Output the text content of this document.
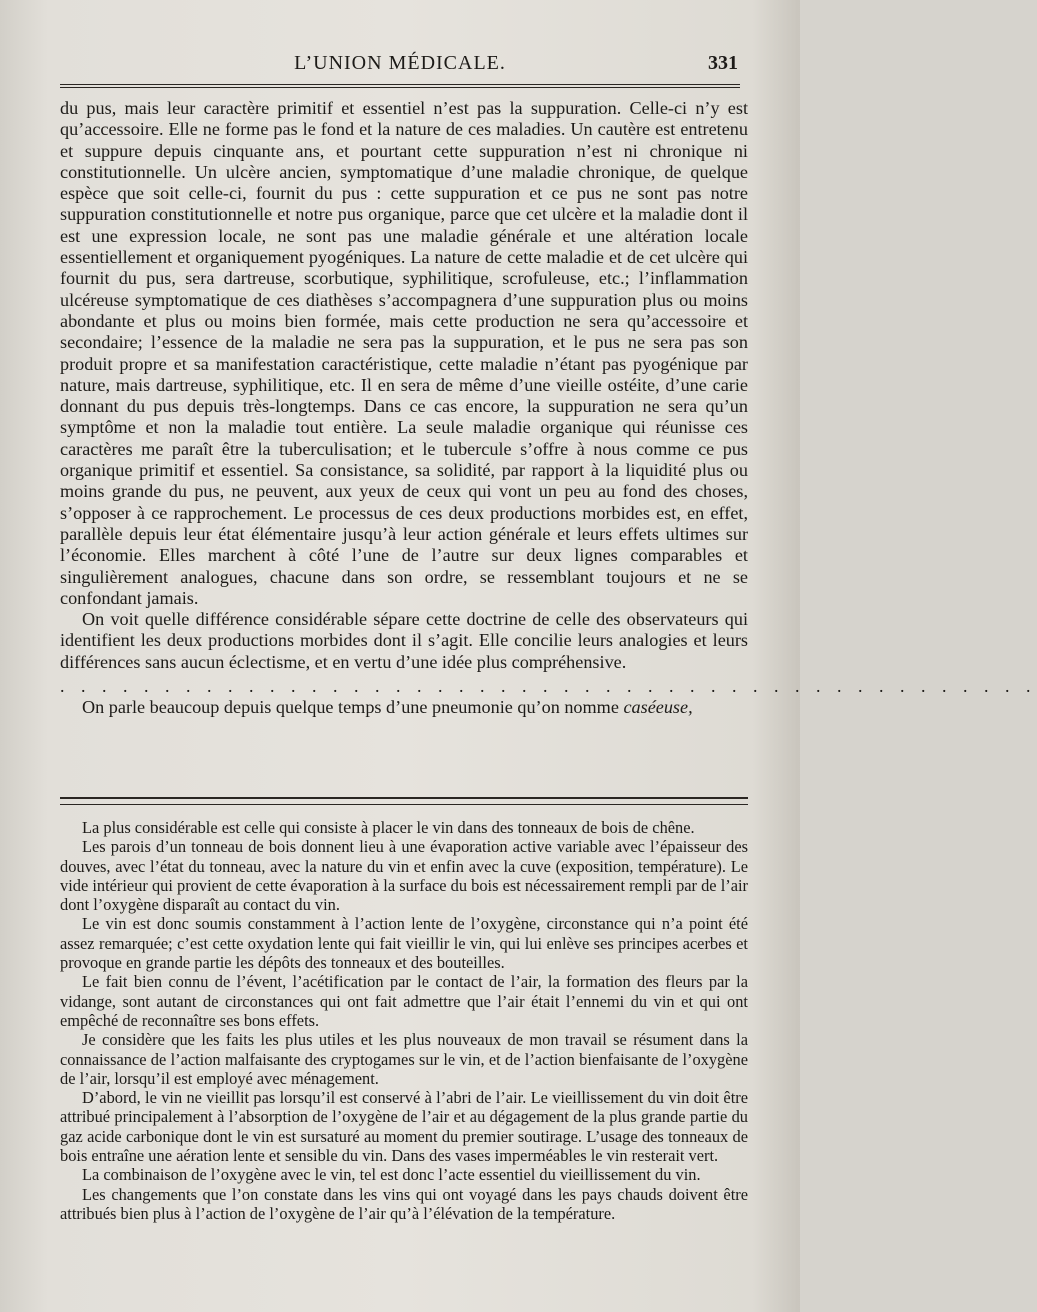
L’UNION MÉDICALE.	331

du pus, mais leur caractère primitif et essentiel n’est pas la suppuration. Celle-ci n’y est qu’accessoire. Elle ne forme pas le fond et la nature de ces maladies. Un cautère est entretenu et suppure depuis cinquante ans, et pourtant cette suppuration n’est ni chronique ni constitutionnelle. Un ulcère ancien, symptomatique d’une maladie chronique, de quelque espèce que soit celle-ci, fournit du pus : cette suppuration et ce pus ne sont pas notre suppuration constitutionnelle et notre pus organique, parce que cet ulcère et la maladie dont il est une expression locale, ne sont pas une maladie générale et une altération locale essentiellement et organiquement pyogéniques. La nature de cette maladie et de cet ulcère qui fournit du pus, sera dartreuse, scorbutique, syphilitique, scrofuleuse, etc.; l’inflammation ulcéreuse symptomatique de ces diathèses s’accompagnera d’une suppuration plus ou moins abondante et plus ou moins bien formée, mais cette production ne sera qu’accessoire et secondaire; l’essence de la maladie ne sera pas la suppuration, et le pus ne sera pas son produit propre et sa manifestation caractéristique, cette maladie n’étant pas pyogénique par nature, mais dartreuse, syphilitique, etc. Il en sera de même d’une vieille ostéite, d’une carie donnant du pus depuis très-longtemps. Dans ce cas encore, la suppuration ne sera qu’un symptôme et non la maladie tout entière. La seule maladie organique qui réunisse ces caractères me paraît être la tuberculisation; et le tubercule s’offre à nous comme ce pus organique primitif et essentiel. Sa consistance, sa solidité, par rapport à la liquidité plus ou moins grande du pus, ne peuvent, aux yeux de ceux qui vont un peu au fond des choses, s’opposer à ce rapprochement. Le processus de ces deux productions morbides est, en effet, parallèle depuis leur état élémentaire jusqu’à leur action générale et leurs effets ultimes sur l’économie. Elles marchent à côté l’une de l’autre sur deux lignes comparables et singulièrement analogues, chacune dans son ordre, se ressemblant toujours et ne se confondant jamais.

On voit quelle différence considérable sépare cette doctrine de celle des observateurs qui identifient les deux productions morbides dont il s’agit. Elle concilie leurs analogies et leurs différences sans aucun éclectisme, et en vertu d’une idée plus compréhensive.

. . . . . . . . . . . . . . . . . . . . . . . . . . . . . . . . . . . . . . . . . . . . . . .

On parle beaucoup depuis quelque temps d’une pneumonie qu’on nomme caséeuse,

La plus considérable est celle qui consiste à placer le vin dans des tonneaux de bois de chêne.

Les parois d’un tonneau de bois donnent lieu à une évaporation active variable avec l’épaisseur des douves, avec l’état du tonneau, avec la nature du vin et enfin avec la cuve (exposition, température). Le vide intérieur qui provient de cette évaporation à la surface du bois est nécessairement rempli par de l’air dont l’oxygène disparaît au contact du vin.

Le vin est donc soumis constamment à l’action lente de l’oxygène, circonstance qui n’a point été assez remarquée; c’est cette oxydation lente qui fait vieillir le vin, qui lui enlève ses principes acerbes et provoque en grande partie les dépôts des tonneaux et des bouteilles.

Le fait bien connu de l’évent, l’acétification par le contact de l’air, la formation des fleurs par la vidange, sont autant de circonstances qui ont fait admettre que l’air était l’ennemi du vin et qui ont empêché de reconnaître ses bons effets.

Je considère que les faits les plus utiles et les plus nouveaux de mon travail se résument dans la connaissance de l’action malfaisante des cryptogames sur le vin, et de l’action bienfaisante de l’oxygène de l’air, lorsqu’il est employé avec ménagement.

D’abord, le vin ne vieillit pas lorsqu’il est conservé à l’abri de l’air. Le vieillissement du vin doit être attribué principalement à l’absorption de l’oxygène de l’air et au dégagement de la plus grande partie du gaz acide carbonique dont le vin est sursaturé au moment du premier soutirage. L’usage des tonneaux de bois entraîne une aération lente et sensible du vin. Dans des vases imperméables le vin resterait vert.

La combinaison de l’oxygène avec le vin, tel est donc l’acte essentiel du vieillissement du vin.

Les changements que l’on constate dans les vins qui ont voyagé dans les pays chauds doivent être attribués bien plus à l’action de l’oxygène de l’air qu’à l’élévation de la température.
